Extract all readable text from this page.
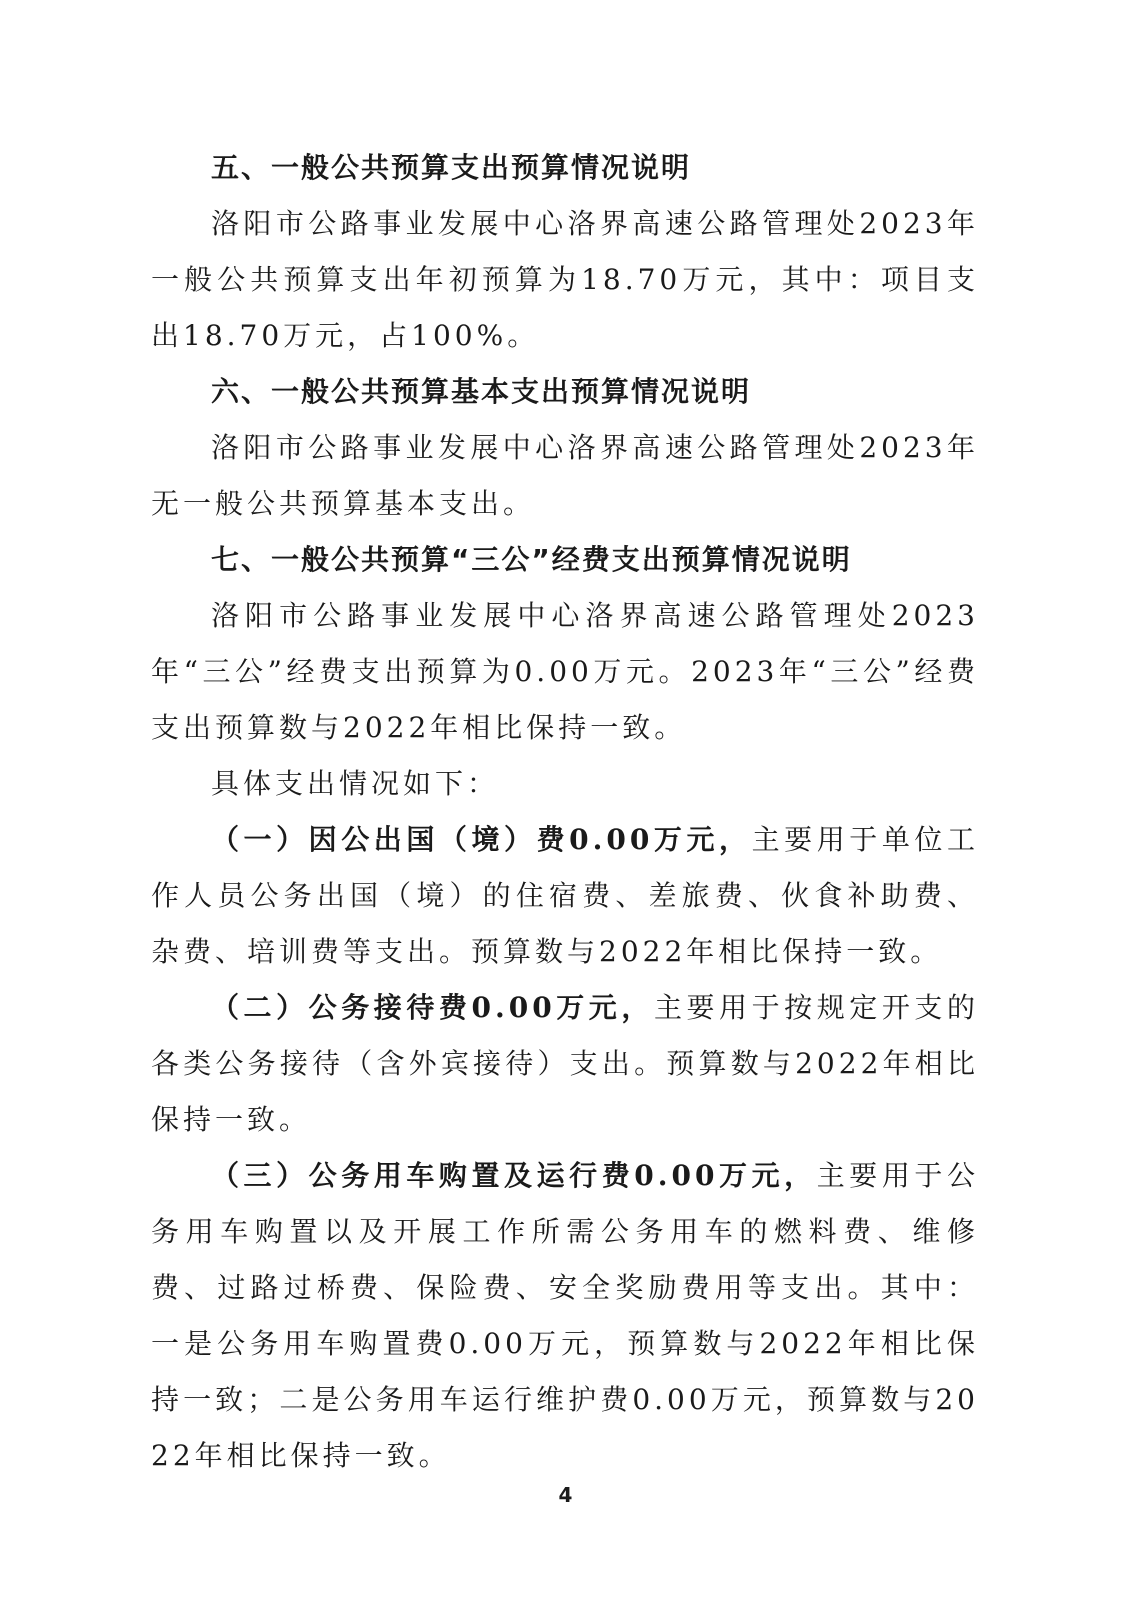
五、一般公共预算支出预算情况说明

洛阳市公路事业发展中心洛界高速公路管理处2023年一般公共预算支出年初预算为18.70万元，其中：项目支出18.70万元，占100%。

六、一般公共预算基本支出预算情况说明

洛阳市公路事业发展中心洛界高速公路管理处2023年无一般公共预算基本支出。

七、一般公共预算“三公”经费支出预算情况说明

洛阳市公路事业发展中心洛界高速公路管理处2023年“三公”经费支出预算为0.00万元。2023年“三公”经费支出预算数与2022年相比保持一致。

具体支出情况如下：

（一）因公出国（境）费0.00万元，主要用于单位工作人员公务出国（境）的住宿费、差旅费、伙食补助费、杂费、培训费等支出。预算数与2022年相比保持一致。

（二）公务接待费0.00万元，主要用于按规定开支的各类公务接待（含外宾接待）支出。预算数与2022年相比保持一致。

（三）公务用车购置及运行费0.00万元，主要用于公务用车购置以及开展工作所需公务用车的燃料费、维修费、过路过桥费、保险费、安全奖励费用等支出。其中：一是公务用车购置费0.00万元，预算数与2022年相比保持一致；二是公务用车运行维护费0.00万元，预算数与2022年相比保持一致。

4
